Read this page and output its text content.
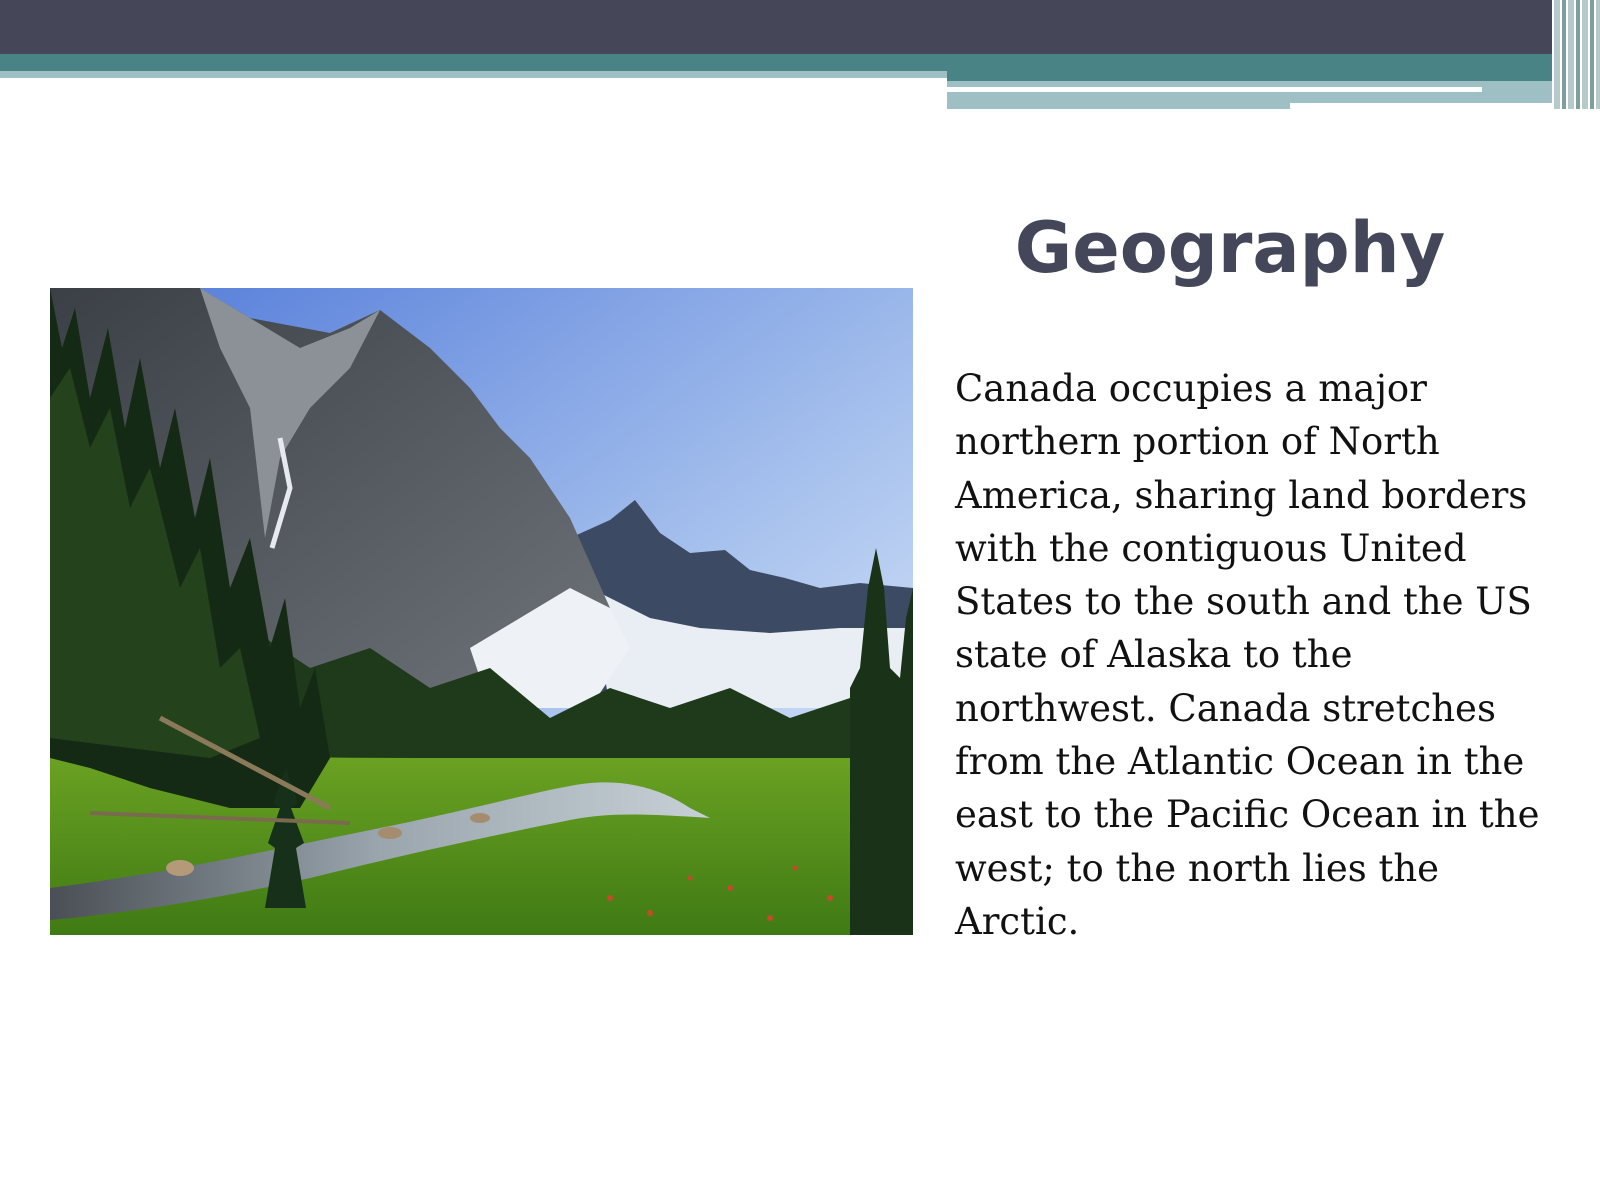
Geography

Canada occupies a major northern portion of North America, sharing land borders with the contiguous United States to the south and the US state of Alaska to the northwest. Canada stretches from the Atlantic Ocean in the east to the Pacific Ocean in the west; to the north lies the Arctic.
